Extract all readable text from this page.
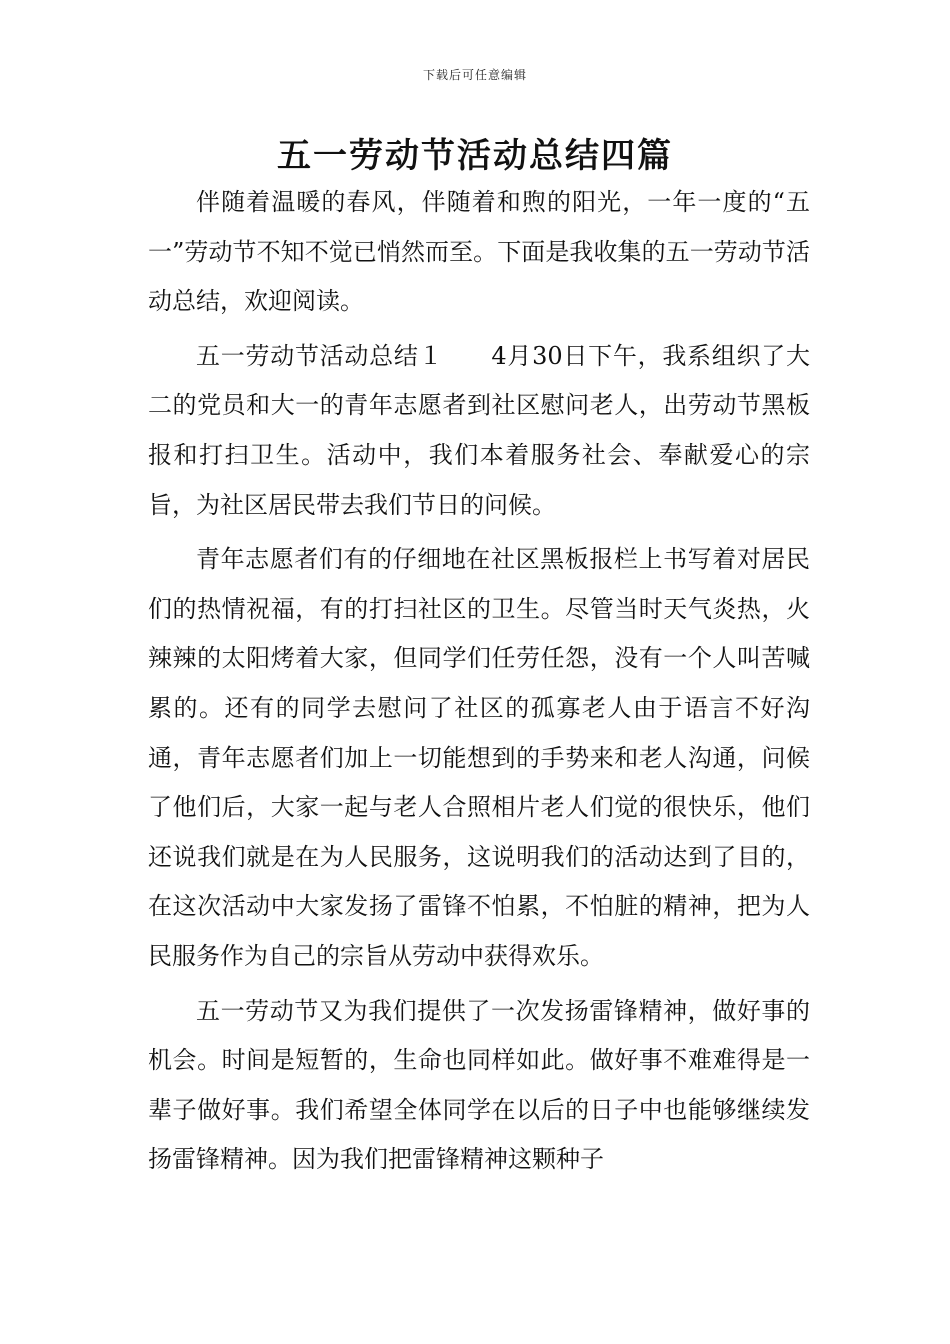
下载后可任意编辑
五一劳动节活动总结四篇

伴随着温暖的春风，伴随着和煦的阳光，一年一度的“五一”劳动节不知不觉已悄然而至。下面是我收集的五一劳动节活动总结，欢迎阅读。

五一劳动节活动总结１ 4月30日下午，我系组织了大二的党员和大一的青年志愿者到社区慰问老人，出劳动节黑板报和打扫卫生。活动中，我们本着服务社会、奉献爱心的宗旨，为社区居民带去我们节日的问候。

青年志愿者们有的仔细地在社区黑板报栏上书写着对居民们的热情祝福，有的打扫社区的卫生。尽管当时天气炎热，火辣辣的太阳烤着大家，但同学们任劳任怨，没有一个人叫苦喊累的。还有的同学去慰问了社区的孤寡老人由于语言不好沟通，青年志愿者们加上一切能想到的手势来和老人沟通，问候了他们后，大家一起与老人合照相片老人们觉的很快乐，他们还说我们就是在为人民服务，这说明我们的活动达到了目的，在这次活动中大家发扬了雷锋不怕累，不怕脏的精神，把为人民服务作为自己的宗旨从劳动中获得欢乐。

五一劳动节又为我们提供了一次发扬雷锋精神，做好事的机会。时间是短暂的，生命也同样如此。做好事不难难得是一辈子做好事。我们希望全体同学在以后的日子中也能够继续发扬雷锋精神。因为我们把雷锋精神这颗种子
